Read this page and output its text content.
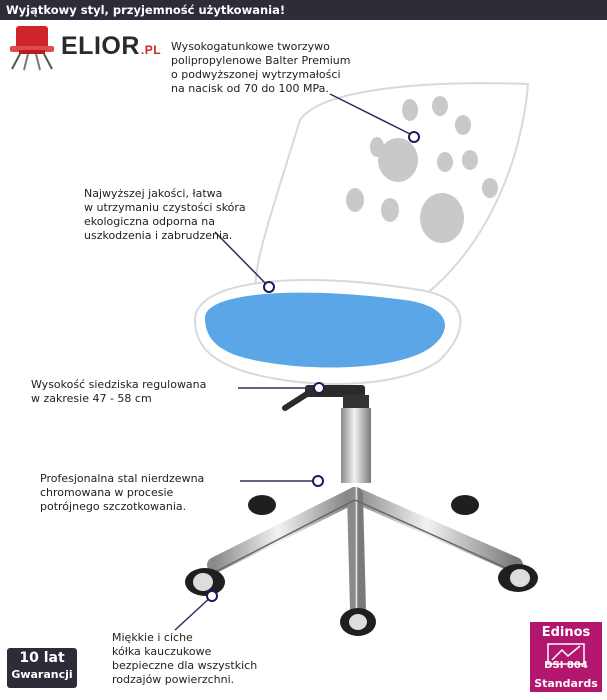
Wyjątkowy styl, przyjemność użytkowania!
ELIOR.PL Wysokogatunkowe tworzywo
polipropylenowe Balter Premium
o podwyższonej wytrzymałości
na nacisk od 70 do 100 MPa.
Najwyższej jakości, łatwa
w utrzymaniu czystości skóra
ekologiczna odporna na
uszkodzenia i zabrudzenia.
Wysokość siedziska regulowana
w zakresie 47 - 58 cm
Profesjonalna stal nierdzewna
chromowana w procesie
potrójnego szczotkowania.
Miękkie i ciche
kółka kauczukowe
bezpieczne dla wszystkich
rodzajów powierzchni.
10 lat
Gwarancji
Edinos
DSI 804
Standards
